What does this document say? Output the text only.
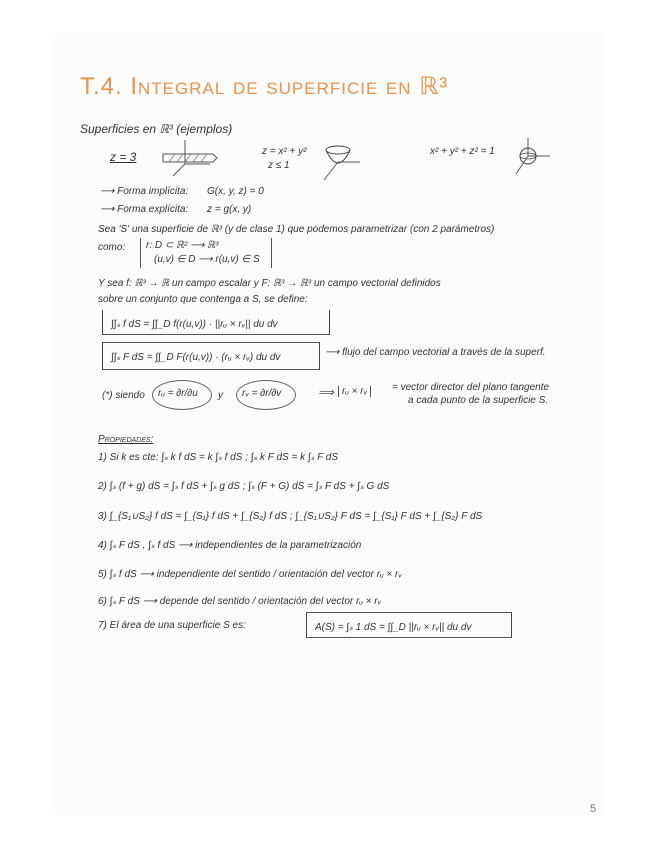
T.4. Integral de superficie en ℝ³
Superficies en ℝ³ (ejemplos)
z = 3	z = x² + y²
z ≤ 1
x² + y² + z² = 1
⟶ Forma implícita: G(x, y, z) = 0
⟶ Forma explícita: z = g(x, y)
Sea 'S' una superficie de ℝ³ (y de clase 1) que podemos parametrizar (con 2 parámetros)
como: r: D ⊂ ℝ² ⟶ ℝ³
(u,v) ∈ D ⟶ r(u,v) ∈ S
Y sea f: ℝ³ → ℝ un campo escalar y F: ℝ³ → ℝ³ un campo vectorial definidos
sobre un conjunto que contenga a S, se define:
∫∫ₛ f dS = ∫∫_D f(r(u,v)) · ||rᵤ × rᵥ|| du dv
∫∫ₛ F dS = ∫∫_D F(r(u,v)) · (rᵤ × rᵥ) du dv	⟶ flujo del campo vectorial a través de la superf.
(*) siendo rᵤ = ∂r/∂u y rᵥ = ∂r/∂v	⟹ rᵤ × rᵥ	= vector director del plano tangente
a cada punto de la superficie S.
Propiedades:
1) Si k es cte: ∫ₛ k f dS = k ∫ₛ f dS ; ∫ₛ k F dS = k ∫ₛ F dS
2) ∫ₛ (f + g) dS = ∫ₛ f dS + ∫ₛ g dS ; ∫ₛ (F + G) dS = ∫ₛ F dS + ∫ₛ G dS
3) ∫_{S₁∪S₂} f dS = ∫_{S₁} f dS + ∫_{S₂} f dS ; ∫_{S₁∪S₂} F dS = ∫_{S₁} F dS + ∫_{S₂} F dS
4) ∫ₛ F dS , ∫ₛ f dS ⟶ independientes de la parametrización
5) ∫ₛ f dS ⟶ independiente del sentido / orientación del vector rᵤ × rᵥ
6) ∫ₛ F dS ⟶ depende del sentido / orientación del vector rᵤ × rᵥ
7) El área de una superficie S es:	A(S) = ∫ₛ 1 dS = ∫∫_D ||rᵤ × rᵥ|| du dv
5
